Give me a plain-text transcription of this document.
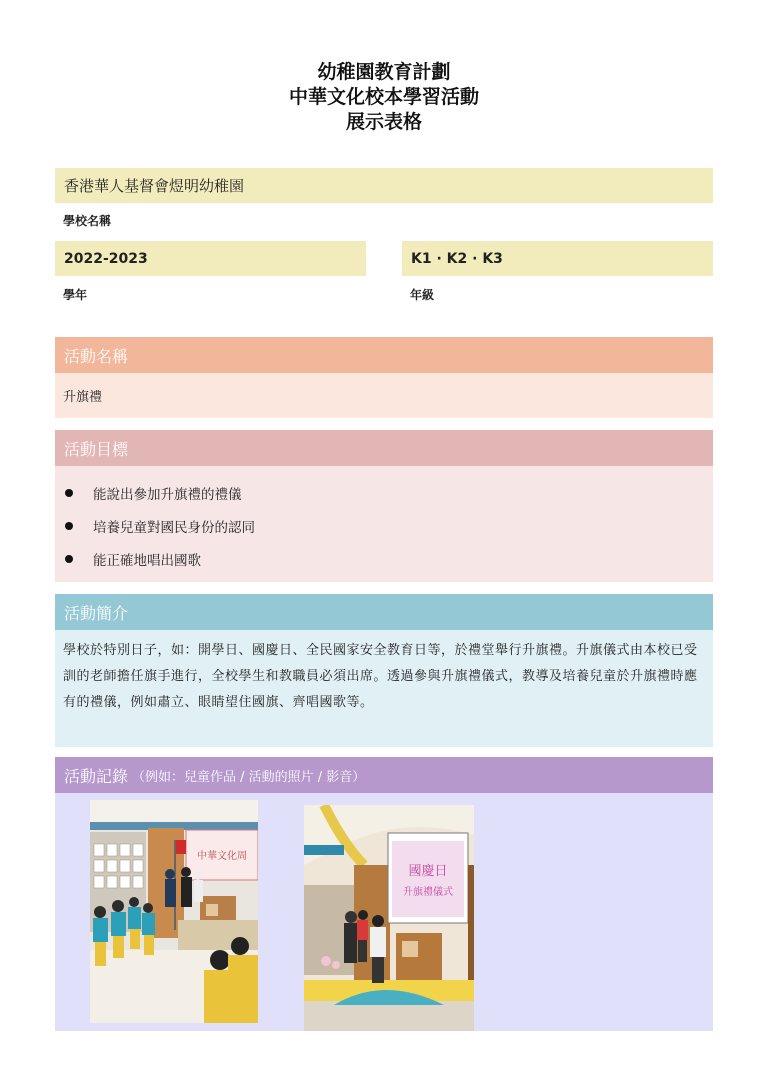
幼稚園教育計劃
中華文化校本學習活動
展示表格
香港華人基督會煜明幼稚園
學校名稱
2022-2023
學年
K1 · K2 · K3
年級
活動名稱
升旗禮
活動目標
能說出參加升旗禮的禮儀
培養兒童對國民身份的認同
能正確地唱出國歌
活動簡介

學校於特別日子，如：開學日、國慶日、全民國家安全教育日等，於禮堂舉行升旗禮。升旗儀式由本校已受訓的老師擔任旗手進行，全校學生和教職員必須出席。透過參與升旗禮儀式，教導及培養兒童於升旗禮時應有的禮儀，例如肅立、眼睛望住國旗、齊唱國歌等。

活動記錄 （例如：兒童作品 / 活動的照片 / 影音）
中華文化周
國慶日
升旗禮儀式
